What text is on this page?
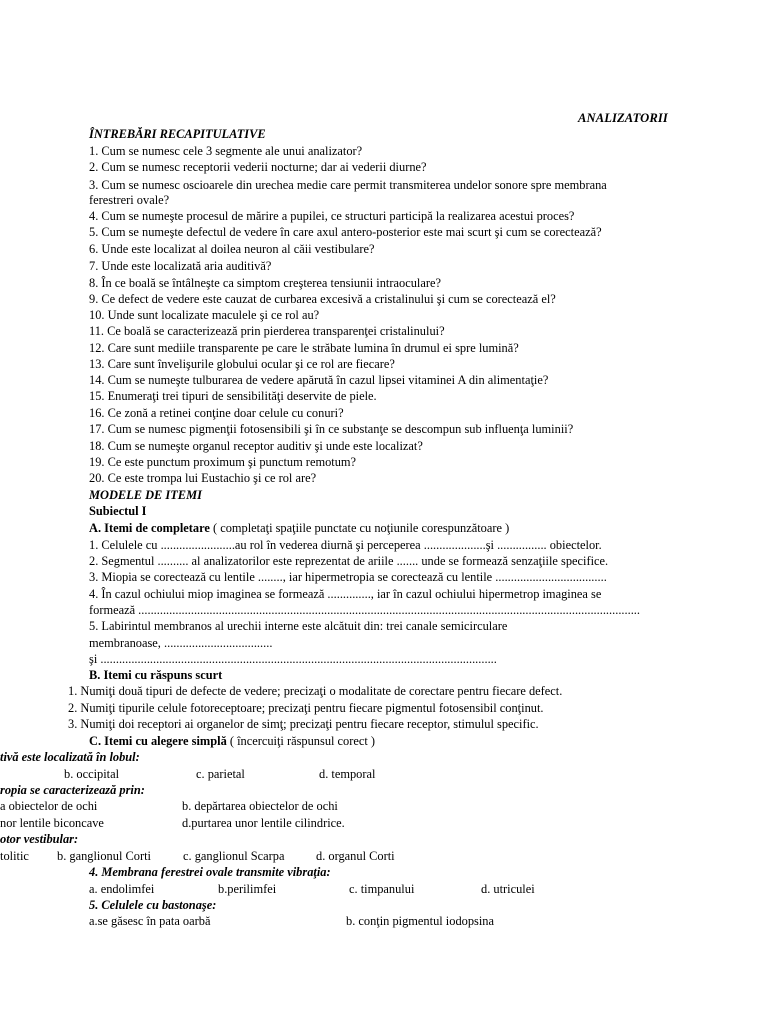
ANALIZATORII
ÎNTREBĂRI RECAPITULATIVE
1. Cum se numesc cele 3 segmente ale unui analizator?
2. Cum se numesc receptorii vederii nocturne; dar ai vederii diurne?
3. Cum se numesc oscioarele din urechea medie care permit transmiterea undelor sonore spre membrana
ferestreri ovale?
4. Cum se numeşte procesul de mărire a pupilei, ce structuri participă la realizarea acestui proces?
5. Cum se numeşte defectul de vedere în care axul antero-posterior este mai scurt şi cum se corectează?
6. Unde este localizat al doilea neuron al căii vestibulare?
7. Unde este localizată aria auditivă?
8. În ce boală se întâlneşte ca simptom creşterea tensiunii intraoculare?
9. Ce defect de vedere este cauzat de curbarea excesivă a cristalinului şi cum se corectează el?
10. Unde sunt localizate maculele şi ce rol au?
11. Ce boală se caracterizează prin pierderea transparenţei cristalinului?
12. Care sunt mediile transparente pe care le străbate lumina în drumul ei spre lumină?
13. Care sunt învelişurile globului ocular şi ce rol are fiecare?
14. Cum se numeşte tulburarea de vedere apărută în cazul lipsei vitaminei A din alimentaţie?
15. Enumeraţi trei tipuri de sensibilităţi deservite de piele.
16. Ce zonă a retinei conţine doar celule cu conuri?
17. Cum se numesc pigmenţii fotosensibili şi în ce substanţe se descompun sub influenţa luminii?
18. Cum se numeşte organul receptor auditiv şi unde este localizat?
19. Ce este punctum proximum şi punctum remotum?
20. Ce este trompa lui Eustachio şi ce rol are?
MODELE DE ITEMI
Subiectul I
A. Itemi de completare ( completaţi spaţiile punctate cu noţiunile corespunzătoare )
1. Celulele cu ........................au rol în vederea diurnă şi perceperea ....................şi ................ obiectelor.
2. Segmentul .......... al analizatorilor este reprezentat de ariile ....... unde se formează senzaţiile specifice.
3. Miopia se corectează cu lentile ........, iar hipermetropia se corectează cu lentile ....................................
4. În cazul ochiului miop imaginea se formează .............., iar în cazul ochiului hipermetrop imaginea se
formează ..................................................................................................................................................................
5. Labirintul membranos al urechii interne este alcătuit din: trei canale semicirculare
membranoase, ...................................
şi ................................................................................................................................
B. Itemi cu răspuns scurt
1. Numiţi două tipuri de defecte de vedere; precizaţi o modalitate de corectare pentru fiecare defect.
2. Numiţi tipurile celule fotoreceptoare; precizaţi pentru fiecare pigmentul fotosensibil conţinut.
3. Numiţi doi receptori ai organelor de simţ; precizaţi pentru fiecare receptor, stimulul specific.
C. Itemi cu alegere simplă ( încercuiţi răspunsul corect )
tivă este localizată în lobul:
b. occipital	c. parietal	d. temporal
ropia se caracterizează prin:
a obiectelor de ochi	b. depărtarea obiectelor de ochi
nor lentile biconcave	d.purtarea unor lentile cilindrice.
otor vestibular:
tolitic b. ganglionul Corti	c. ganglionul Scarpa	d. organul Corti
4. Membrana ferestrei ovale transmite vibraţia:
a. endolimfei	b.perilimfei	c. timpanului	d. utriculei
5. Celulele cu bastonaşe:
a.se găsesc în pata oarbă	b. conţin pigmentul iodopsina
